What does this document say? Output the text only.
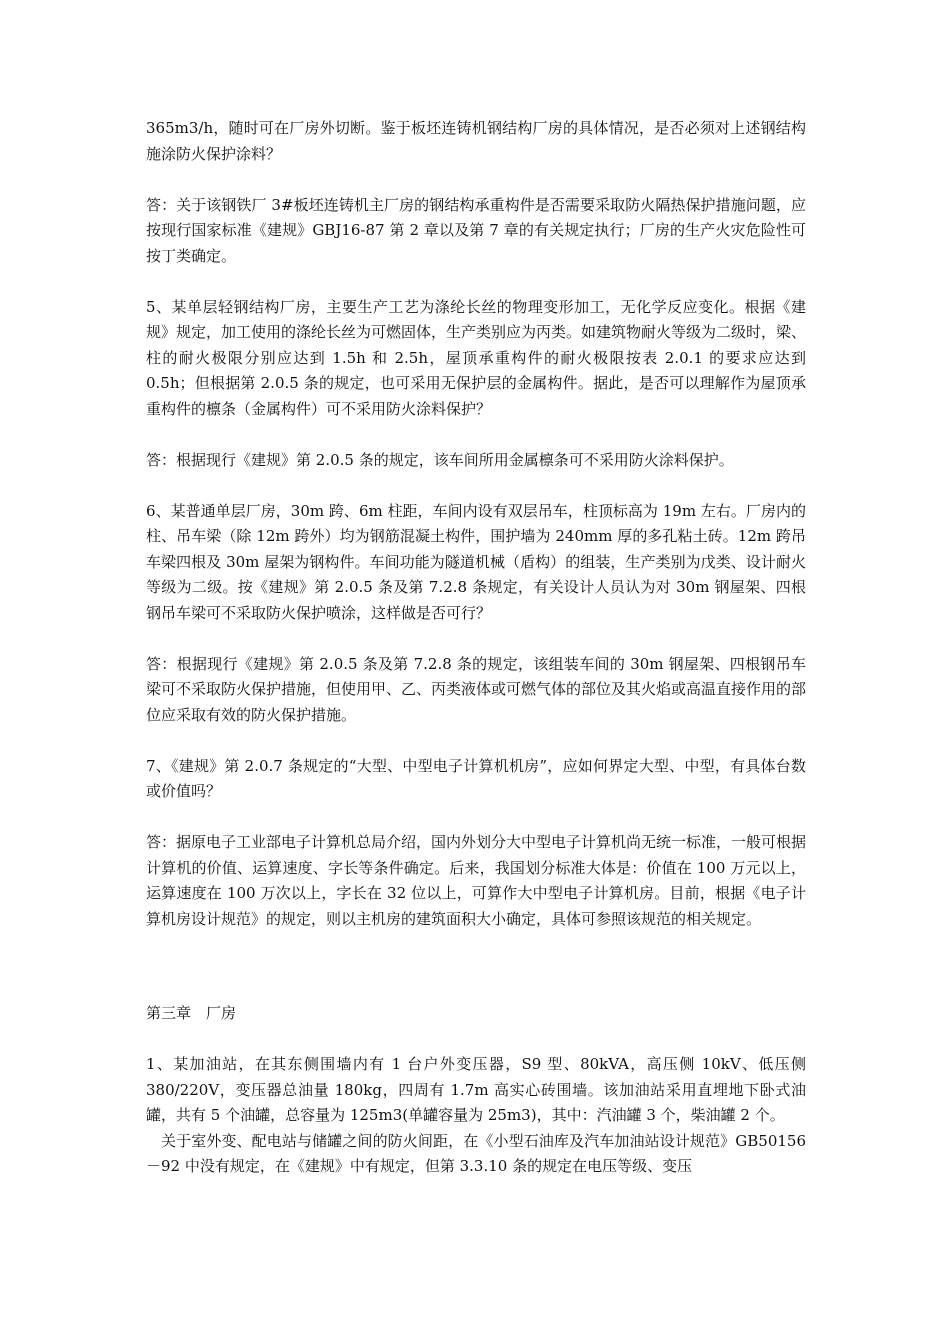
365m3/h，随时可在厂房外切断。鉴于板坯连铸机钢结构厂房的具体情况，是否必须对上述钢结构施涂防火保护涂料？

答：关于该钢铁厂 3#板坯连铸机主厂房的钢结构承重构件是否需要采取防火隔热保护措施问题，应按现行国家标准《建规》GBJ16-87 第 2 章以及第 7 章的有关规定执行；厂房的生产火灾危险性可按丁类确定。

5、某单层轻钢结构厂房，主要生产工艺为涤纶长丝的物理变形加工，无化学反应变化。根据《建规》规定，加工使用的涤纶长丝为可燃固体，生产类别应为丙类。如建筑物耐火等级为二级时，梁、柱的耐火极限分别应达到 1.5h 和 2.5h，屋顶承重构件的耐火极限按表 2.0.1 的要求应达到 0.5h；但根据第 2.0.5 条的规定，也可采用无保护层的金属构件。据此，是否可以理解作为屋顶承重构件的檩条（金属构件）可不采用防火涂料保护？

答：根据现行《建规》第 2.0.5 条的规定，该车间所用金属檩条可不采用防火涂料保护。

6、某普通单层厂房，30m 跨、6m 柱距，车间内设有双层吊车，柱顶标高为 19m 左右。厂房内的柱、吊车梁（除 12m 跨外）均为钢筋混凝土构件，围护墙为 240mm 厚的多孔粘土砖。12m 跨吊车梁四根及 30m 屋架为钢构件。车间功能为隧道机械（盾构）的组装，生产类别为戊类、设计耐火等级为二级。按《建规》第 2.0.5 条及第 7.2.8 条规定，有关设计人员认为对 30m 钢屋架、四根钢吊车梁可不采取防火保护喷涂，这样做是否可行？

答：根据现行《建规》第 2.0.5 条及第 7.2.8 条的规定，该组装车间的 30m 钢屋架、四根钢吊车梁可不采取防火保护措施，但使用甲、乙、丙类液体或可燃气体的部位及其火焰或高温直接作用的部位应采取有效的防火保护措施。

7、《建规》第 2.0.7 条规定的“大型、中型电子计算机机房”，应如何界定大型、中型，有具体台数或价值吗？

答：据原电子工业部电子计算机总局介绍，国内外划分大中型电子计算机尚无统一标准，一般可根据计算机的价值、运算速度、字长等条件确定。后来，我国划分标准大体是：价值在 100 万元以上，运算速度在 100 万次以上，字长在 32 位以上，可算作大中型电子计算机房。目前，根据《电子计算机房设计规范》的规定，则以主机房的建筑面积大小确定，具体可参照该规范的相关规定。

第三章　厂房

1、某加油站，在其东侧围墙内有 1 台户外变压器，S9 型、80kVA，高压侧 10kV、低压侧 380/220V，变压器总油量 180kg，四周有 1.7m 高实心砖围墙。该加油站采用直埋地下卧式油罐，共有 5 个油罐，总容量为 125m3(单罐容量为 25m3)，其中：汽油罐 3 个，柴油罐 2 个。

关于室外变、配电站与储罐之间的防火间距，在《小型石油库及汽车加油站设计规范》GB50156－92 中没有规定，在《建规》中有规定，但第 3.3.10 条的规定在电压等级、变压
